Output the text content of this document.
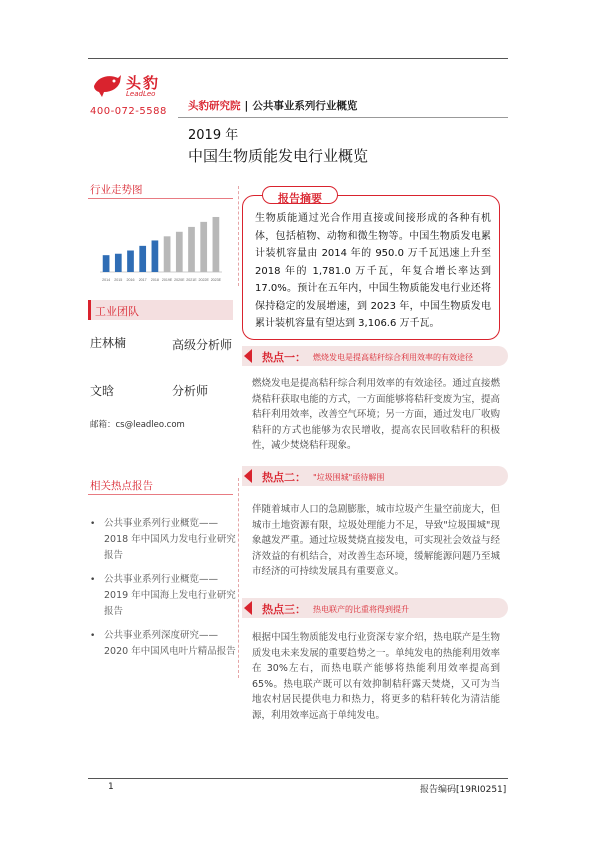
头豹
LeadLeo
400-072-5588 头豹研究院 | 公共事业系列行业概览
2019 年
中国生物质能发电行业概览
行业走势图
2014 2015 2016 2017 2018 2019E 2020E 2021E 2022E 2023E
工业团队
庄林楠	高级分析师
文晗	分析师
邮箱：cs@leadleo.com
相关热点报告
• 公共事业系列行业概览——2018 年中国风力发电行业研究报告
• 公共事业系列行业概览——2019 年中国海上发电行业研究报告
• 公共事业系列深度研究——2020 年中国风电叶片精品报告
报告摘要
生物质能通过光合作用直接或间接形成的各种有机体，包括植物、动物和微生物等。中国生物质发电累计装机容量由 2014 年的 950.0 万千瓦迅速上升至 2018 年的 1,781.0 万千瓦，年复合增长率达到 17.0%。预计在五年内，中国生物质能发电行业还将保持稳定的发展增速，到 2023 年，中国生物质发电累计装机容量有望达到 3,106.6 万千瓦。
热点一： 燃烧发电是提高秸秆综合利用效率的有效途径
燃烧发电是提高秸秆综合利用效率的有效途径。通过直接燃烧秸秆获取电能的方式，一方面能够将秸秆变废为宝，提高秸秆利用效率，改善空气环境；另一方面，通过发电厂收购秸秆的方式也能够为农民增收，提高农民回收秸秆的积极性，减少焚烧秸秆现象。
热点二： "垃圾围城"亟待解围
伴随着城市人口的急剧膨胀，城市垃圾产生量空前庞大，但城市土地资源有限，垃圾处理能力不足，导致"垃圾围城"现象越发严重。通过垃圾焚烧直接发电，可实现社会效益与经济效益的有机结合，对改善生态环境，缓解能源问题乃至城市经济的可持续发展具有重要意义。
热点三： 热电联产的比重将得到提升
根据中国生物质能发电行业资深专家介绍，热电联产是生物质发电未来发展的重要趋势之一。单纯发电的热能利用效率在 30%左右，而热电联产能够将热能利用效率提高到 65%。热电联产既可以有效抑制秸秆露天焚烧，又可为当地农村居民提供电力和热力，将更多的秸秆转化为清洁能源，利用效率远高于单纯发电。
1	报告编码[19RI0251]
